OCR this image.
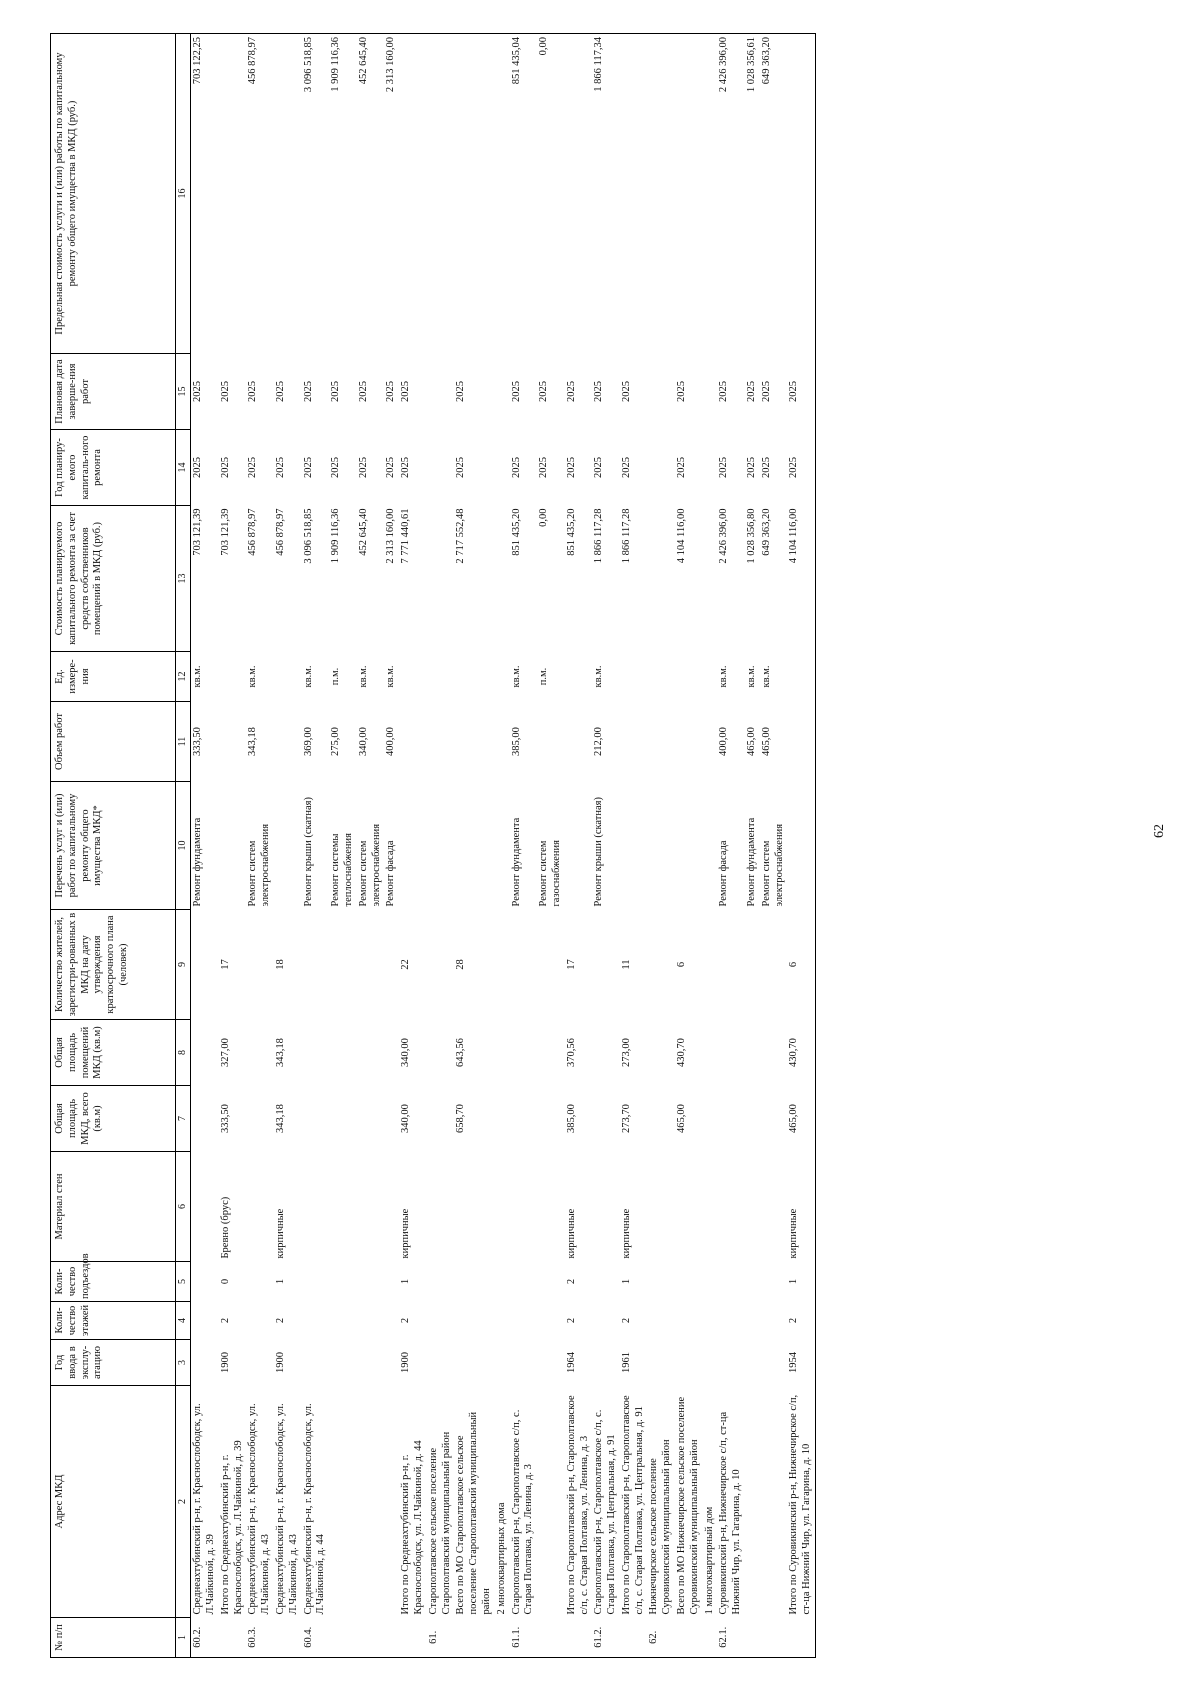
62
№ п/п	Адрес МКД	Год ввода в эксплу-атацию	Коли-чество этажей	Коли-чество подъездов	Материал стен	Общая площадь МКД, всего (кв.м)	Общая площадь помещений МКД (кв.м)	Количество жителей, зарегистри-рованных в МКД на дату утверждения краткосрочного плана (человек)	Перечень услуг и (или) работ по капитальному ремонту общего имущества МКД*	Объем работ	Ед. измере-ния	Стоимость планируемого капитального ремонта за счет средств собственников помещений в МКД (руб.)	Год планиру-емого капиталь-ного ремонта	Плановая дата заверше-ния работ	Предельная стоимость услуги и (или) работы по капитальному ремонту общего имущества в МКД (руб.)
1	2	3	4	5	6	7	8	9	10	11	12	13	14	15	16
60.2.	Среднеахтубинский р-н, г. Краснослободск, ул. Л.Чайкиной, д. 39								Ремонт фундамента	333,50	кв.м.	703 121,39	2025	2025	703 122,25
	Итого по Среднеахтубинский р-н, г. Краснослободск, ул. Л.Чайкиной, д. 39	1900	2	0	Бревно (брус)	333,50	327,00	17				703 121,39	2025	2025	
60.3.	Среднеахтубинский р-н, г. Краснослободск, ул. Л.Чайкиной, д. 43								Ремонт систем электроснабжения	343,18	кв.м.	456 878,97	2025	2025	456 878,97
	Среднеахтубинский р-н, г. Краснослободск, ул. Л.Чайкиной, д. 43	1900	2	1	кирпичные	343,18	343,18	18				456 878,97	2025	2025	
60.4.	Среднеахтубинский р-н, г. Краснослободск, ул. Л.Чайкиной, д. 44								Ремонт крыши (скатная)	369,00	кв.м.	3 096 518,85	2025	2025	3 096 518,85
									Ремонт системы теплоснабжения	275,00	п.м.	1 909 116,36	2025	2025	1 909 116,36
									Ремонт систем электроснабжения	340,00	кв.м.	452 645,40	2025	2025	452 645,40
									Ремонт фасада	400,00	кв.м.	2 313 160,00	2025	2025	2 313 160,00
	Итого по Среднеахтубинский р-н, г. Краснослободск, ул. Л.Чайкиной, д. 44	1900	2	1	кирпичные	340,00	340,00	22				7 771 440,61	2025	2025	
61.	Старополтавское сельское поселение Старополтавский муниципальный район														
	Всего по МО Старополтавское сельское поселение Старополтавский муниципальный район					658,70	643,56	28				2 717 552,48	2025	2025	
	2 многоквартирных дома														
61.1.	Старополтавский р-н, Старополтавское с/п, с. Старая Полтавка, ул. Ленина, д. 3								Ремонт фундамента	385,00	кв.м.	851 435,20	2025	2025	851 435,04
									Ремонт систем газоснабжения		п.м.	0,00	2025	2025	0,00
	Итого по Старополтавский р-н, Старополтавское с/п, с. Старая Полтавка, ул. Ленина, д. 3	1964	2	2	кирпичные	385,00	370,56	17				851 435,20	2025	2025	
61.2.	Старополтавский р-н, Старополтавское с/п, с. Старая Полтавка, ул. Центральная, д. 91								Ремонт крыши (скатная)	212,00	кв.м.	1 866 117,28	2025	2025	1 866 117,34
	Итого по Старополтавский р-н, Старополтавское с/п, с. Старая Полтавка, ул. Центральная, д. 91	1961	2	1	кирпичные	273,70	273,00	11				1 866 117,28	2025	2025	
62.	Нижнечирское сельское поселение Суровикинский муниципальный район														
	Всего по МО Нижнечирское сельское поселение Суровикинский муниципальный район					465,00	430,70	6				4 104 116,00	2025	2025	
	1 многоквартирный дом														
62.1.	Суровикинский р-н, Нижнечирское с/п, ст-ца Нижний Чир, ул. Гагарина, д. 10								Ремонт фасада	400,00	кв.м.	2 426 396,00	2025	2025	2 426 396,00
									Ремонт фундамента	465,00	кв.м.	1 028 356,80	2025	2025	1 028 356,61
									Ремонт систем электроснабжения	465,00	кв.м.	649 363,20	2025	2025	649 363,20
	Итого по Суровикинский р-н, Нижнечирское с/п, ст-ца Нижний Чир, ул. Гагарина, д. 10	1954	2	1	кирпичные	465,00	430,70	6				4 104 116,00	2025	2025	
